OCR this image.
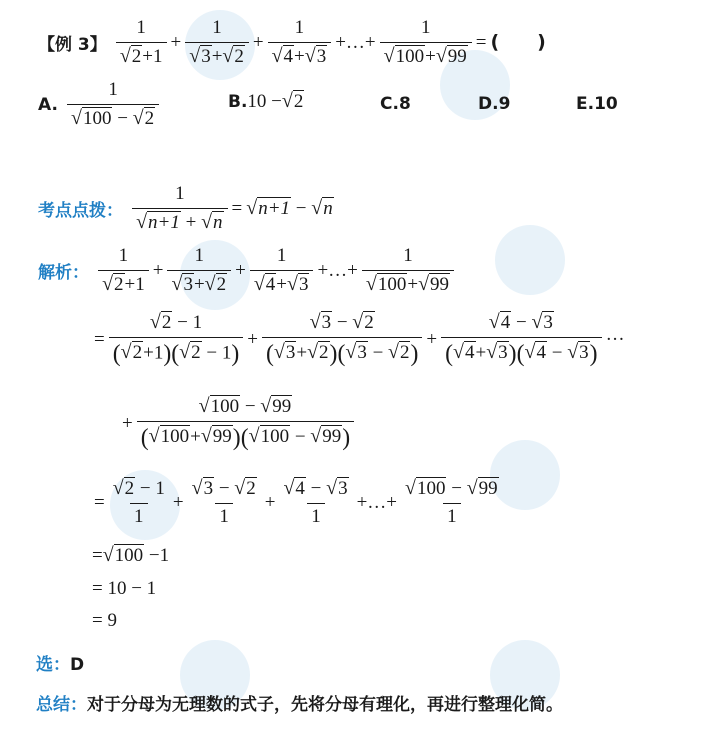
【例 3】 $\frac{1}{√2+1} + \frac{1}{√3+√2} + \frac{1}{√4+√3}$ +…+ $\frac{1}{√100+√99}$ = (　　)
A. $\frac{1}{√100 - √2}$	B.10 −√2	C.8	D.9	E.10
考点点拨： $\frac{1}{√n+1 + √n} = √n+1 - √n$
解析： $\frac{1}{√2+1} + \frac{1}{√3+√2} + \frac{1}{√4+√3}$ +…+ $\frac{1}{√100+√99}$
= $\frac{√2 - 1}{(√2+1)(√2 - 1)} + \frac{√3 - √2}{(√3+√2)(√3 - √2)} + \frac{√4 - √3}{(√4+√3)(√4 - √3)}$ ···
+ $\frac{√100 - √99}{(√100+√99)(√100 - √99)}$
= $\frac{√2 - 1}{1} + \frac{√3 - √2}{1} + \frac{√4 - √3}{1}$ +…+ $\frac{√100 - √99}{1}$
=√100 −1
= 10 − 1
= 9
选：D
总结：对于分母为无理数的式子，先将分母有理化，再进行整理化简。
